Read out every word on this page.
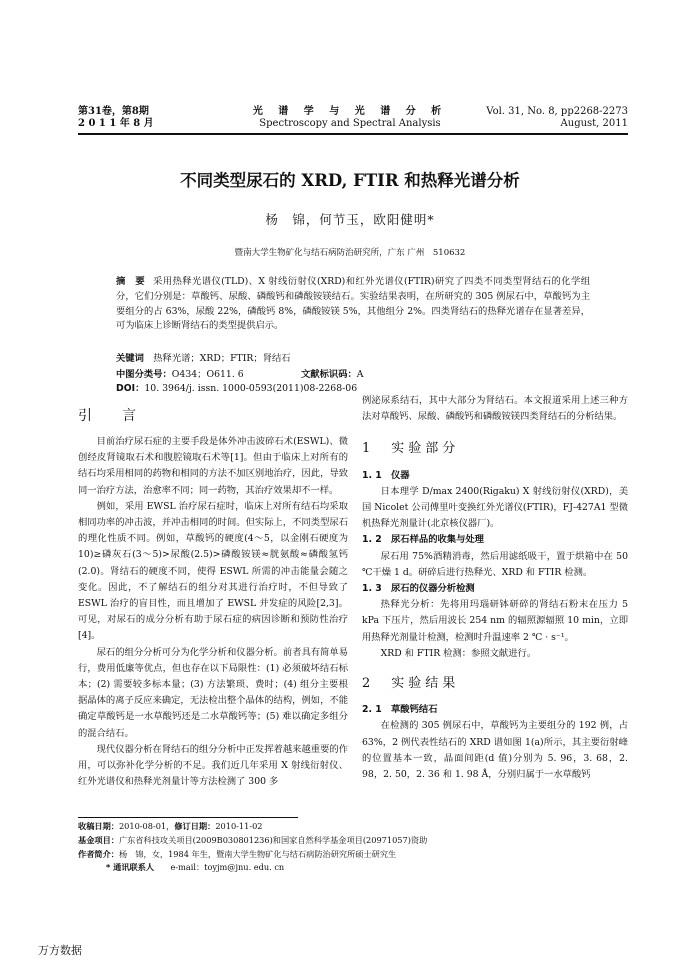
第31卷，第8期
2 0 1 1 年 8 月
光 谱 学 与 光 谱 分 析
Spectroscopy and Spectral Analysis
Vol. 31, No. 8, pp2268-2273
August, 2011
不同类型尿石的 XRD, FTIR 和热释光谱分析
杨　锦，何节玉，欧阳健明*
暨南大学生物矿化与结石病防治研究所，广东 广州　510632
摘　要 采用热释光谱仪(TLD)、X 射线衍射仪(XRD)和红外光谱仪(FTIR)研究了四类不同类型肾结石的化学组分，它们分别是：草酸钙、尿酸、磷酸钙和磷酸铵镁结石。实验结果表明，在所研究的 305 例尿石中，草酸钙为主要组分的占 63%，尿酸 22%，磷酸钙 8%，磷酸铵镁 5%，其他组分 2%。四类肾结石的热释光谱存在显著差异，可为临床上诊断肾结石的类型提供启示。
关键词　 热释光谱；XRD；FTIR；肾结石
中图分类号：O434；O611. 6	文献标识码：ADOI：10. 3964/j. issn. 1000-0593(2011)08-2268-06
引　言

目前治疗尿石症的主要手段是体外冲击波碎石术(ESWL)、微创经皮肾镜取石术和腹腔镜取石术等[1]。但由于临床上对所有的结石均采用相同的药物和相同的方法不加区别地治疗，因此，导致同一治疗方法，治愈率不同；同一药物，其治疗效果却不一样。

例如，采用 EWSL 治疗尿石症时，临床上对所有结石均采取相同功率的冲击波，并冲击相同的时间。但实际上，不同类型尿石的理化性质不同。例如，草酸钙的硬度(4～5，以金刚石硬度为 10)≥磷灰石(3～5)>尿酸(2.5)>磷酸铵镁≈胱氨酸≈磷酸氢钙(2.0)。肾结石的硬度不同，使得 ESWL 所需的冲击能量会随之变化。因此，不了解结石的组分对其进行治疗时，不但导致了 ESWL 治疗的盲目性，而且增加了 EWSL 并发症的风险[2,3]。可见，对尿石的成分分析有助于尿石症的病因诊断和预防性治疗[4]。

尿石的组分分析可分为化学分析和仪器分析。前者具有简单易行，费用低廉等优点，但也存在以下局限性：(1) 必须破坏结石标本；(2) 需要较多标本量；(3) 方法繁琐、费时；(4) 组分主要根据晶体的离子反应来确定，无法检出整个晶体的结构，例如，不能确定草酸钙是一水草酸钙还是二水草酸钙等；(5) 难以确定多组分的混合结石。

现代仪器分析在肾结石的组分分析中正发挥着越来越重要的作用，可以弥补化学分析的不足。我们近几年采用 X 射线衍射仪、红外光谱仪和热释光剂量计等方法检测了 300 多

例泌尿系结石，其中大部分为肾结石。本文报道采用上述三种方法对草酸钙、尿酸、磷酸钙和磷酸铵镁四类肾结石的分析结果。
1　实验部分
1. 1　仪器

日本理学 D/max 2400(Rigaku) X 射线衍射仪(XRD)，美国 Nicolet 公司傅里叶变换红外光谱仪(FTIR)，FJ-427A1 型微机热释光剂量计(北京核仪器厂)。

1. 2　尿石样品的收集与处理

尿石用 75%酒精消毒，然后用滤纸吸干，置于烘箱中在 50 ℃干燥 1 d。研碎后进行热释光、XRD 和 FTIR 检测。

1. 3　尿石的仪器分析检测

热释光分析：先将用玛瑙研钵研碎的肾结石粉末在压力 5 kPa 下压片，然后用波长 254 nm 的辐照源辐照 10 min，立即用热释光剂量计检测，检测时升温速率 2 ℃ · s⁻¹。

XRD 和 FTIR 检测：参照文献进行。

2　实验结果
2. 1　草酸钙结石

在检测的 305 例尿石中，草酸钙为主要组分的 192 例，占 63%，2 例代表性结石的 XRD 谱如图 1(a)所示，其主要衍射峰的位置基本一致，晶面间距(d 值)分别为 5. 96，3. 68，2. 98，2. 50，2. 36 和 1. 98 Å，分别归属于一水草酸钙

收稿日期：2010-08-01，修订日期：2010-11-02
基金项目：广东省科技攻关项目(2009B030801236)和国家自然科学基金项目(20971057)资助
作者简介：杨　锦，女，1984 年生，暨南大学生物矿化与结石病防治研究所硕士研究生
* 通讯联系人　　 e-mail：toyjm@jnu. edu. cn
万方数据
